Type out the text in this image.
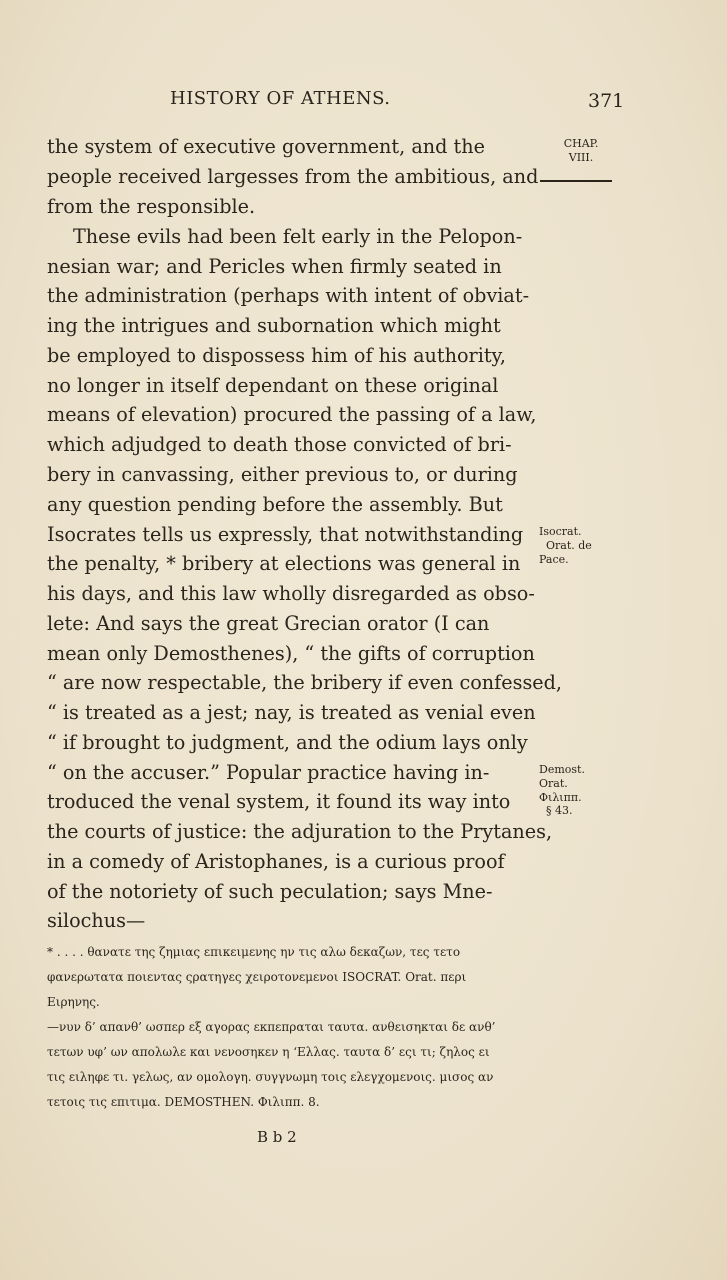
HISTORY OF ATHENS.	371
CHAP.
VIII.
the system of executive government, and the
people received largesses from the ambitious, and
from the responsible.
These evils had been felt early in the Pelopon-
nesian war; and Pericles when firmly seated in
the administration (perhaps with intent of obviat-
ing the intrigues and subornation which might
be employed to dispossess him of his authority,
no longer in itself dependant on these original
means of elevation) procured the passing of a law,
which adjudged to death those convicted of bri-
bery in canvassing, either previous to, or during
any question pending before the assembly. But
Isocrates tells us expressly, that notwithstanding
the penalty, * bribery at elections was general in
his days, and this law wholly disregarded as obso-
lete: And says the great Grecian orator (I can
mean only Demosthenes), “ the gifts of corruption
“ are now respectable, the bribery if even confessed,
“ is treated as a jest; nay, is treated as venial even
“ if brought to judgment, and the odium lays only
“ on the accuser.” Popular practice having in-
troduced the venal system, it found its way into
the courts of justice: the adjuration to the Prytanes,
in a comedy of Aristophanes, is a curious proof
of the notoriety of such peculation; says Mne-
silochus—
Isocrat.
Orat. de
Pace.
Demost.
Orat.
Φιλιππ.
§ 43.
* . . . . θανατε της ζημιας επικειμενης ην τις αλω δεκαζων, τες τετο
φανερωτατα ποιεντας ςρατηγες χειροτονεμενοι ISOCRAT. Orat. περι
Ειρηνης.
—νυν δ’ απανθ’ ωσπερ εξ αγορας εκπεπραται ταυτα. ανθεισηκται δε ανθ’
τετων υφ’ ων απολωλε και νενοσηκεν η ‘Ελλας. ταυτα δ’ εςι τι; ζηλος ει
τις ειληφε τι. γελως, αν ομολογη. συγγνωμη τοις ελεγχομενοις. μισος αν
τετοις τις επιτιμα. DEMOSTHEN. Φιλιππ. 8.
B b 2
